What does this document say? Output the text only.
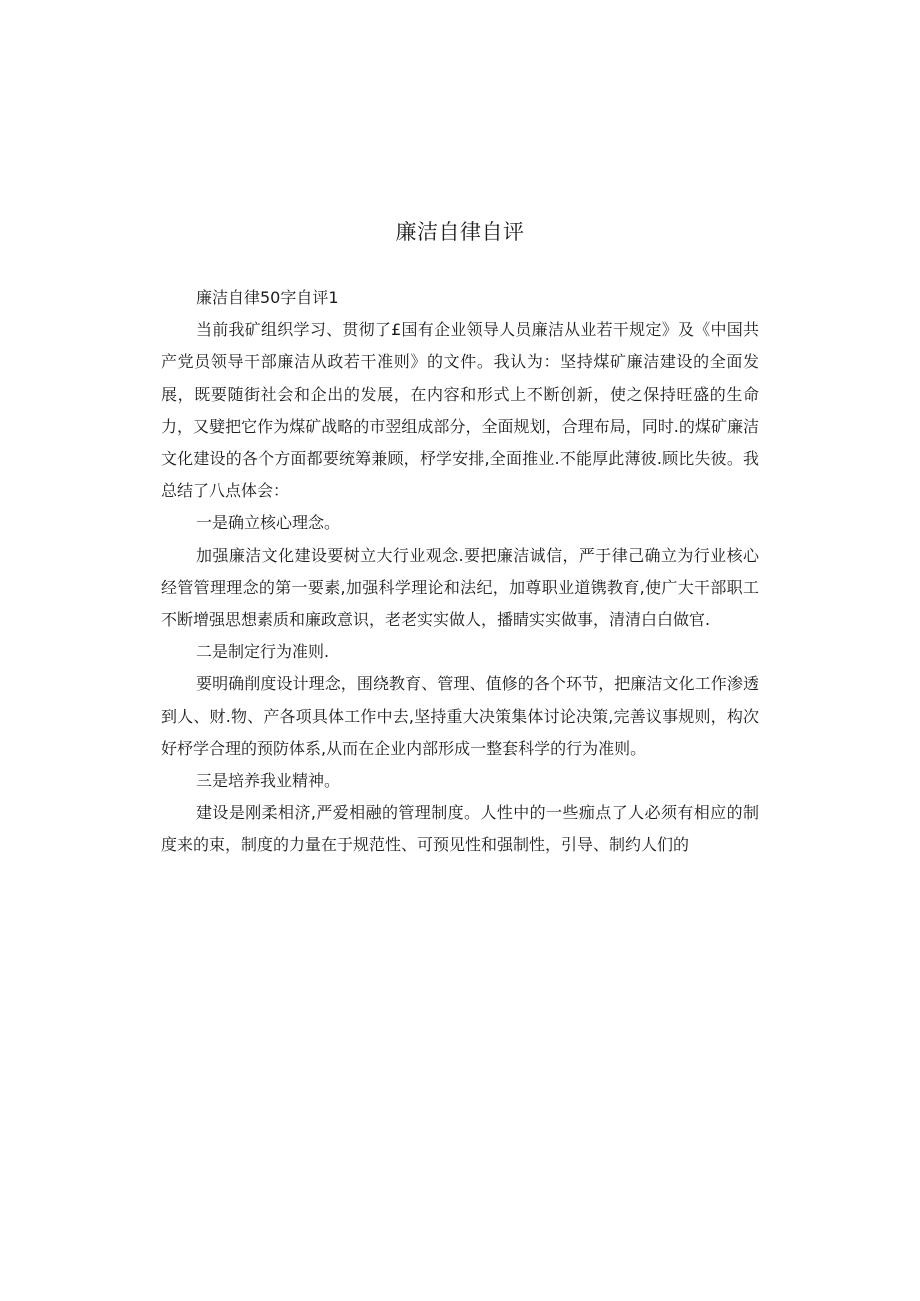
廉洁自律自评

廉洁自律50字自评1

当前我矿组织学习、贯彻了£国有企业领导人员廉洁从业若干规定》及《中国共产党员领导干部廉洁从政若干准则》的文件。我认为：坚持煤矿廉洁建设的全面发展，既要随街社会和企出的发展，在内容和形式上不断创新，使之保持旺盛的生命力，又嬖把它作为煤矿战略的市翌组成部分，全面规划，合理布局，同时.的煤矿廉洁文化建设的各个方面都要统筹兼顾，杼学安排,全面推业.不能厚此薄彼.顾比失彼。我总结了八点体会：

一是确立核心理念。

加强廉洁文化建设要树立大行业观念.要把廉洁诚信，严于律己确立为行业核心经管管理理念的第一要素,加强科学理论和法纪，加尊职业道镌教育,使广大干部职工不断增强思想素质和廉政意识，老老实实做人，播睛实实做事，清清白白做官.

二是制定行为准则.

要明确削度设计理念，围绕教育、管理、值修的各个环节，把廉洁文化工作渗透到人、财.物、产各项具体工作中去,坚持重大决策集体讨论决策,完善议事规则，构次好杼学合理的预防体系,从而在企业内部形成一整套科学的行为准则。

三是培养我业精神。

建设是刚柔相济,严爱相融的管理制度。人性中的一些痂点了人必须有相应的制度来的束，制度的力量在于规范性、可预见性和强制性，引导、制约人们的
